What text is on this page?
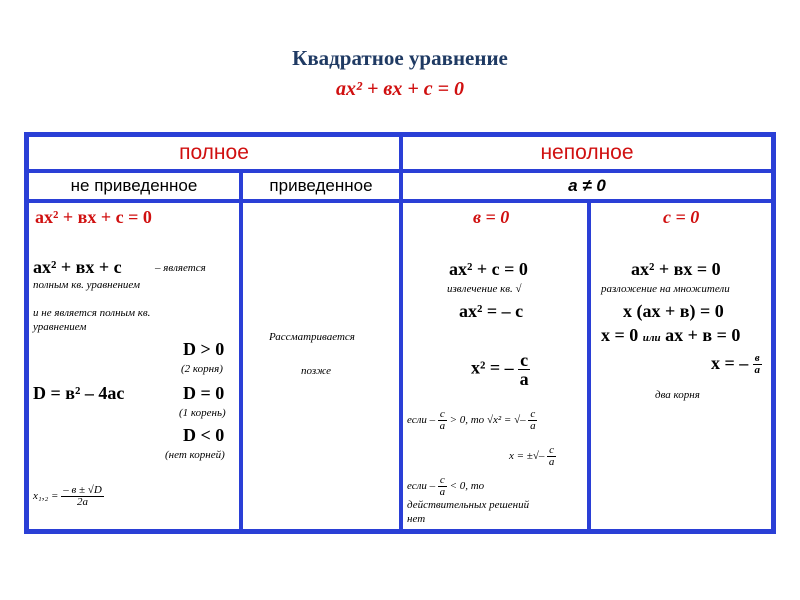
Квадратное уравнение
ax² + вx + c = 0
полное	неполное
не приведенное	приведенное	а ≠ 0
ax² + вx + c = 0
ax² + вx + c	– является
полным кв. уравнением
и не является полным кв.
уравнением
D > 0
(2 корня)
D = в² – 4ac	D = 0
(1 корень)
D < 0
(нет корней)
$x_1,_2 = \frac{- в \pm √D}{2a}$
Рассматривается
позже
в = 0
ax² + c = 0
извлечение кв. √
ax² = – c
x² = – $\frac{c}{a}$
если – $\frac{c}{a} > 0$, то √x² = √– $\frac{c}{a}$
x = ±√– $\frac{c}{a}$
если – $\frac{c}{a} < 0$, то
действительных решений
нет
с = 0
ax² + вx = 0
разложение на множители
x (ax + в) = 0
x = 0 или ax + в = 0
x = – $\frac{в}{a}$
два корня
